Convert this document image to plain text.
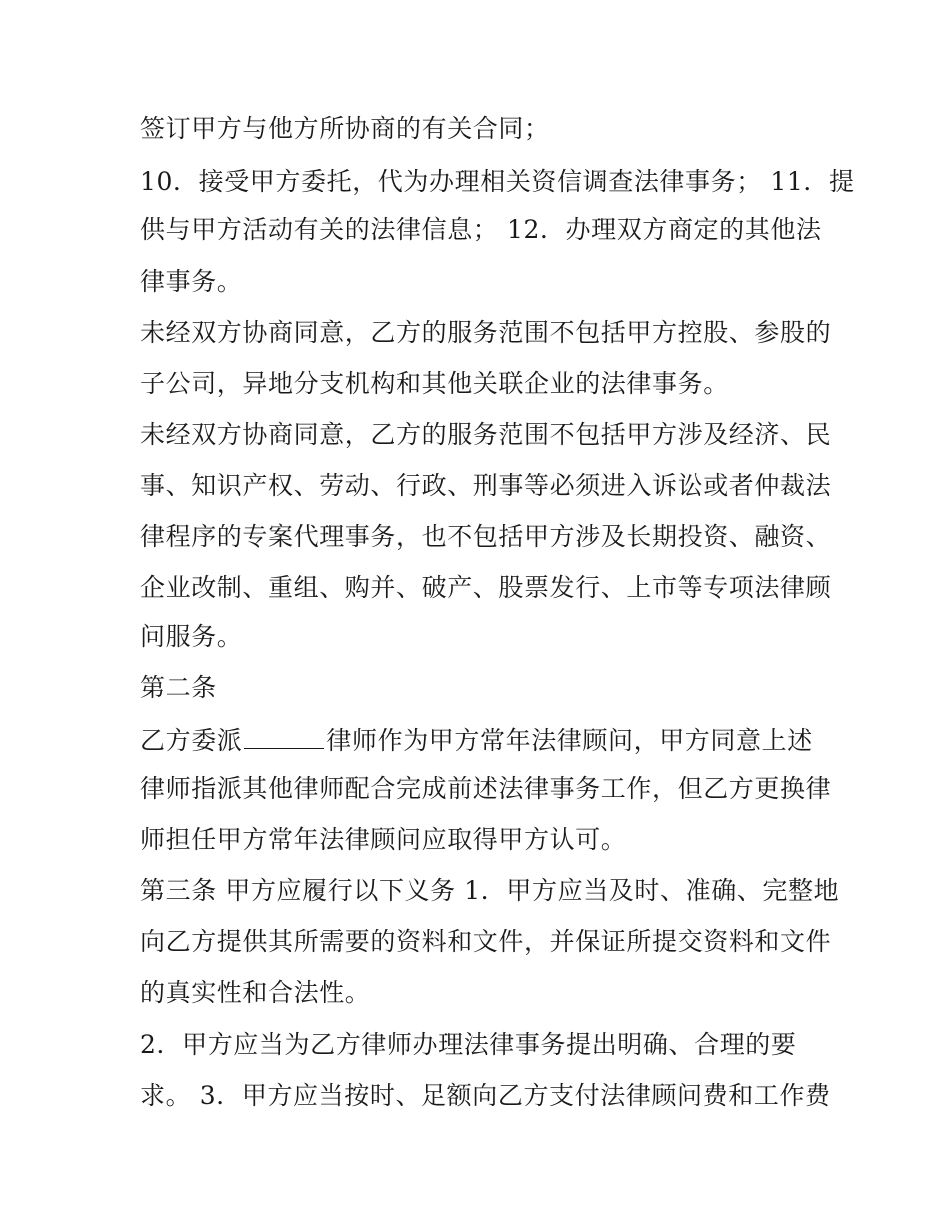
签订甲方与他方所协商的有关合同；
10．接受甲方委托，代为办理相关资信调查法律事务； 11．提
供与甲方活动有关的法律信息； 12．办理双方商定的其他法
律事务。
未经双方协商同意，乙方的服务范围不包括甲方控股、参股的
子公司，异地分支机构和其他关联企业的法律事务。
未经双方协商同意，乙方的服务范围不包括甲方涉及经济、民
事、知识产权、劳动、行政、刑事等必须进入诉讼或者仲裁法
律程序的专案代理事务，也不包括甲方涉及长期投资、融资、
企业改制、重组、购并、破产、股票发行、上市等专项法律顾
问服务。
第二条
乙方委派	律师作为甲方常年法律顾问，甲方同意上述
律师指派其他律师配合完成前述法律事务工作，但乙方更换律
师担任甲方常年法律顾问应取得甲方认可。
第三条 甲方应履行以下义务 1．甲方应当及时、准确、完整地
向乙方提供其所需要的资料和文件，并保证所提交资料和文件
的真实性和合法性。
2．甲方应当为乙方律师办理法律事务提出明确、合理的要
求。 3．甲方应当按时、足额向乙方支付法律顾问费和工作费
